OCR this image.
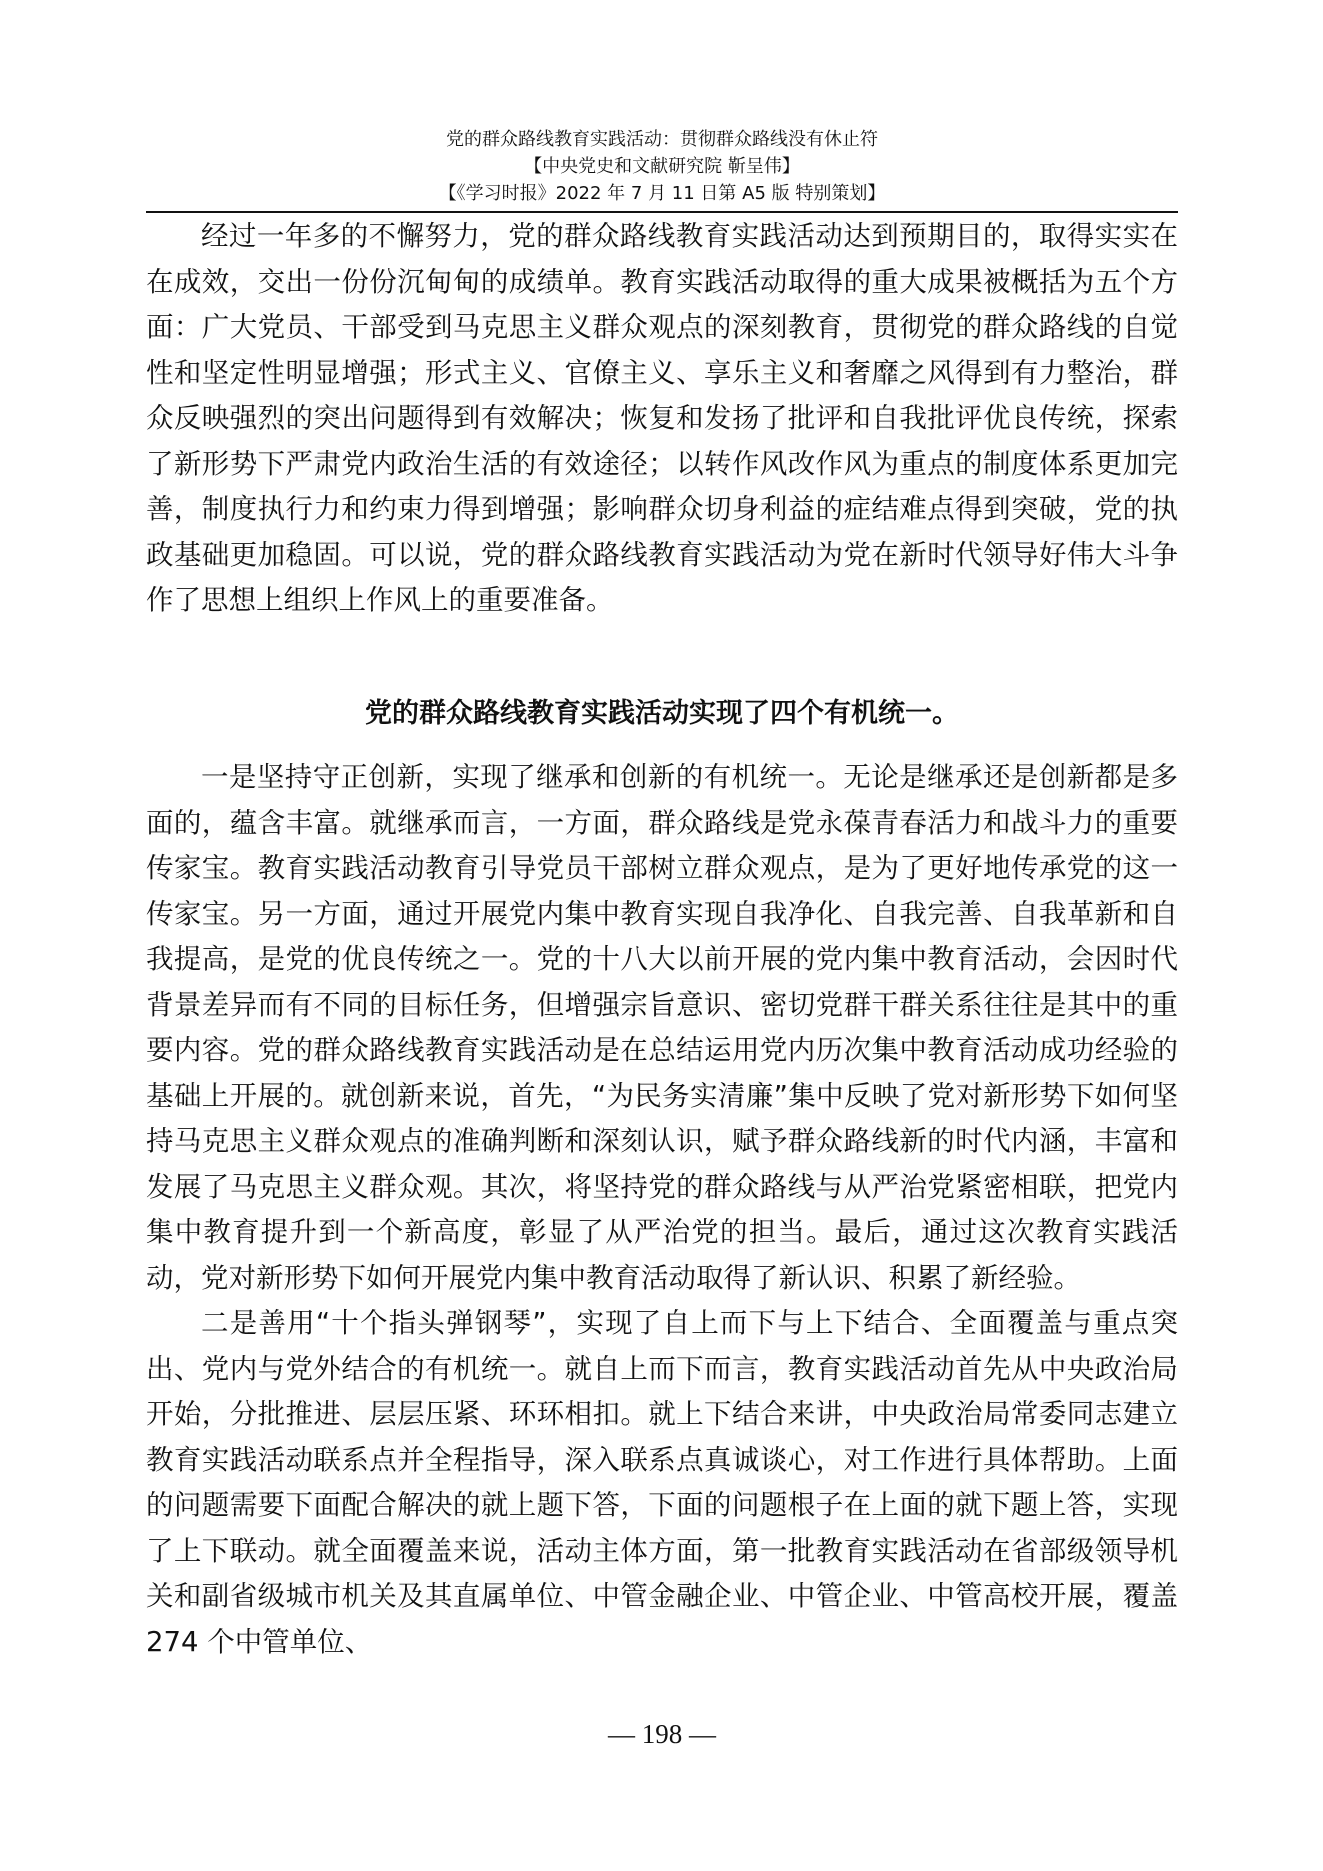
党的群众路线教育实践活动：贯彻群众路线没有休止符
【中央党史和文献研究院 靳呈伟】
【《学习时报》2022 年 7 月 11 日第 A5 版 特别策划】

经过一年多的不懈努力，党的群众路线教育实践活动达到预期目的，取得实实在在成效，交出一份份沉甸甸的成绩单。教育实践活动取得的重大成果被概括为五个方面：广大党员、干部受到马克思主义群众观点的深刻教育，贯彻党的群众路线的自觉性和坚定性明显增强；形式主义、官僚主义、享乐主义和奢靡之风得到有力整治，群众反映强烈的突出问题得到有效解决；恢复和发扬了批评和自我批评优良传统，探索了新形势下严肃党内政治生活的有效途径；以转作风改作风为重点的制度体系更加完善，制度执行力和约束力得到增强；影响群众切身利益的症结难点得到突破，党的执政基础更加稳固。可以说，党的群众路线教育实践活动为党在新时代领导好伟大斗争作了思想上组织上作风上的重要准备。

党的群众路线教育实践活动实现了四个有机统一。

一是坚持守正创新，实现了继承和创新的有机统一。无论是继承还是创新都是多面的，蕴含丰富。就继承而言，一方面，群众路线是党永葆青春活力和战斗力的重要传家宝。教育实践活动教育引导党员干部树立群众观点，是为了更好地传承党的这一传家宝。另一方面，通过开展党内集中教育实现自我净化、自我完善、自我革新和自我提高，是党的优良传统之一。党的十八大以前开展的党内集中教育活动，会因时代背景差异而有不同的目标任务，但增强宗旨意识、密切党群干群关系往往是其中的重要内容。党的群众路线教育实践活动是在总结运用党内历次集中教育活动成功经验的基础上开展的。就创新来说，首先，“为民务实清廉”集中反映了党对新形势下如何坚持马克思主义群众观点的准确判断和深刻认识，赋予群众路线新的时代内涵，丰富和发展了马克思主义群众观。其次，将坚持党的群众路线与从严治党紧密相联，把党内集中教育提升到一个新高度，彰显了从严治党的担当。最后，通过这次教育实践活动，党对新形势下如何开展党内集中教育活动取得了新认识、积累了新经验。

二是善用“十个指头弹钢琴”，实现了自上而下与上下结合、全面覆盖与重点突出、党内与党外结合的有机统一。就自上而下而言，教育实践活动首先从中央政治局开始，分批推进、层层压紧、环环相扣。就上下结合来讲，中央政治局常委同志建立教育实践活动联系点并全程指导，深入联系点真诚谈心，对工作进行具体帮助。上面的问题需要下面配合解决的就上题下答，下面的问题根子在上面的就下题上答，实现了上下联动。就全面覆盖来说，活动主体方面，第一批教育实践活动在省部级领导机关和副省级城市机关及其直属单位、中管金融企业、中管企业、中管高校开展，覆盖 274 个中管单位、

— 198 —
